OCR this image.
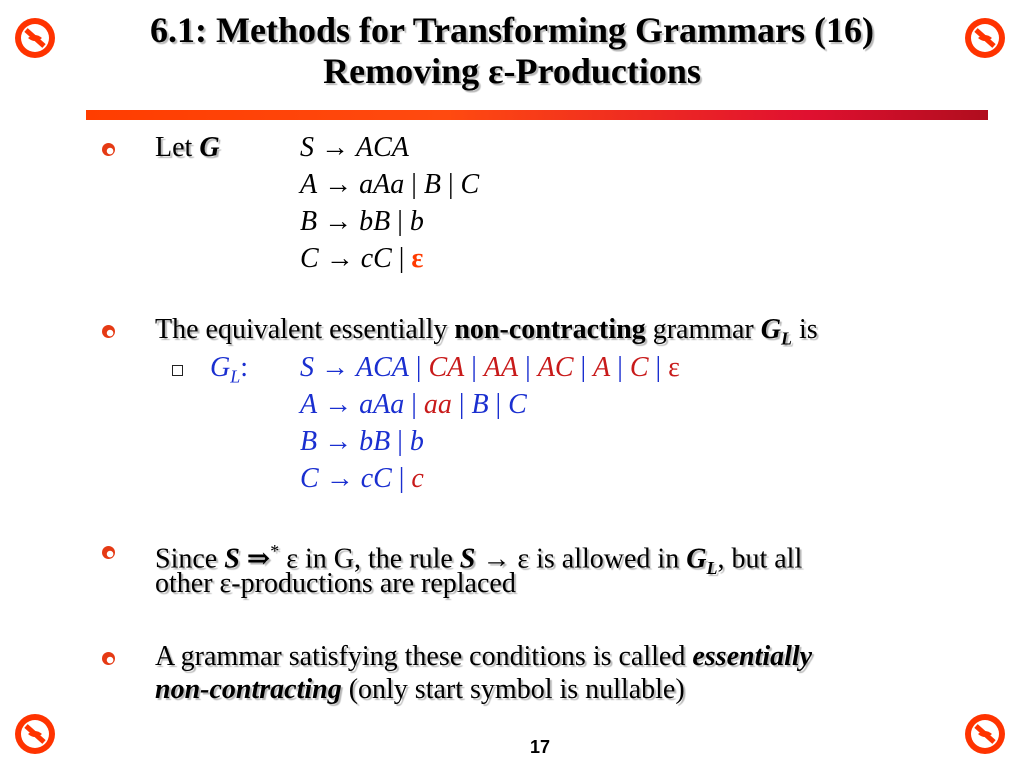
6.1: Methods for Transforming Grammars (16)
Removing ε-Productions
Let G	S → ACA
A → aAa | B | C
B → bB | b
C → cC | ε
The equivalent essentially non-contracting grammar $G_L$ is
$G_L$: S → ACA | CA | AA | AC | A | C | ε
A → aAa | aa | B | C
B → bB | b
C → cC | c
Since S ⇒* ε in G, the rule S → ε is allowed in $G_L$, but all
other ε-productions are replaced
A grammar satisfying these conditions is called essentially
non-contracting (only start symbol is nullable)
17
